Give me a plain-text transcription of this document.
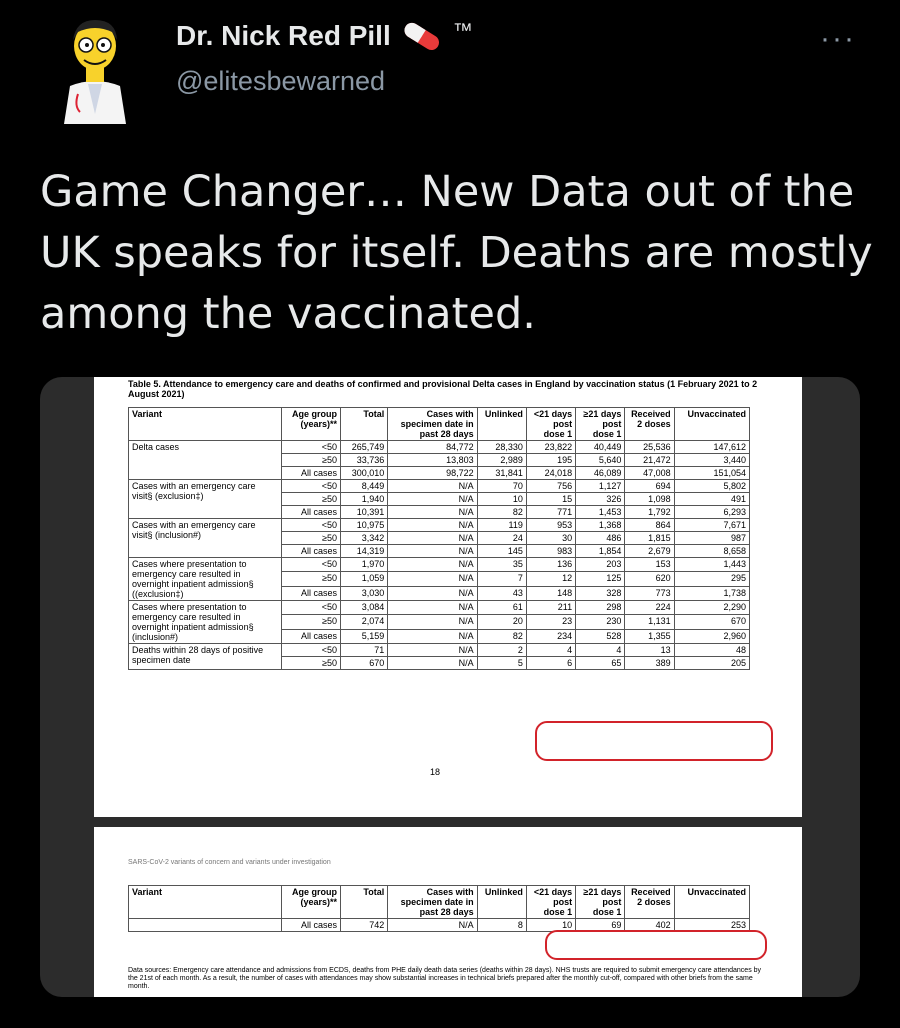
Dr. Nick Red Pill	™
@elitesbewarned
···
Game Changer… New Data out of the UK speaks for itself. Deaths are mostly among the vaccinated.
Table 5. Attendance to emergency care and deaths of confirmed and provisional Delta cases in England by vaccination status (1 February 2021 to 2 August 2021)
Variant	Age group (years)**	Total	Cases with specimen date in past 28 days	Unlinked	<21 days post dose 1	≥21 days post dose 1	Received 2 doses	Unvaccinated
Delta cases	<50	265,749	84,772	28,330	23,822	40,449	25,536	147,612
	≥50	33,736	13,803	2,989	195	5,640	21,472	3,440
	All cases	300,010	98,722	31,841	24,018	46,089	47,008	151,054
Cases with an emergency care visit§ (exclusion‡)	<50	8,449	N/A	70	756	1,127	694	5,802
	≥50	1,940	N/A	10	15	326	1,098	491
	All cases	10,391	N/A	82	771	1,453	1,792	6,293
Cases with an emergency care visit§ (inclusion#)	<50	10,975	N/A	119	953	1,368	864	7,671
	≥50	3,342	N/A	24	30	486	1,815	987
	All cases	14,319	N/A	145	983	1,854	2,679	8,658
Cases where presentation to emergency care resulted in overnight inpatient admission§ ((exclusion‡)	<50	1,970	N/A	35	136	203	153	1,443
	≥50	1,059	N/A	7	12	125	620	295
	All cases	3,030	N/A	43	148	328	773	1,738
Cases where presentation to emergency care resulted in overnight inpatient admission§ (inclusion#)	<50	3,084	N/A	61	211	298	224	2,290
	≥50	2,074	N/A	20	23	230	1,131	670
	All cases	5,159	N/A	82	234	528	1,355	2,960
Deaths within 28 days of positive specimen date	<50	71	N/A	2	4	4	13	48
	≥50	670	N/A	5	6	65	389	205
18
SARS-CoV-2 variants of concern and variants under investigation
Variant	Age group (years)**	Total	Cases with specimen date in past 28 days	Unlinked	<21 days post dose 1	≥21 days post dose 1	Received 2 doses	Unvaccinated
	All cases	742	N/A	8	10	69	402	253
Data sources: Emergency care attendance and admissions from ECDS, deaths from PHE daily death data series (deaths within 28 days). NHS trusts are required to submit emergency care attendances by the 21st of each month. As a result, the number of cases with attendances may show substantial increases in technical briefs prepared after the monthly cut-off, compared with other briefs from the same month.
